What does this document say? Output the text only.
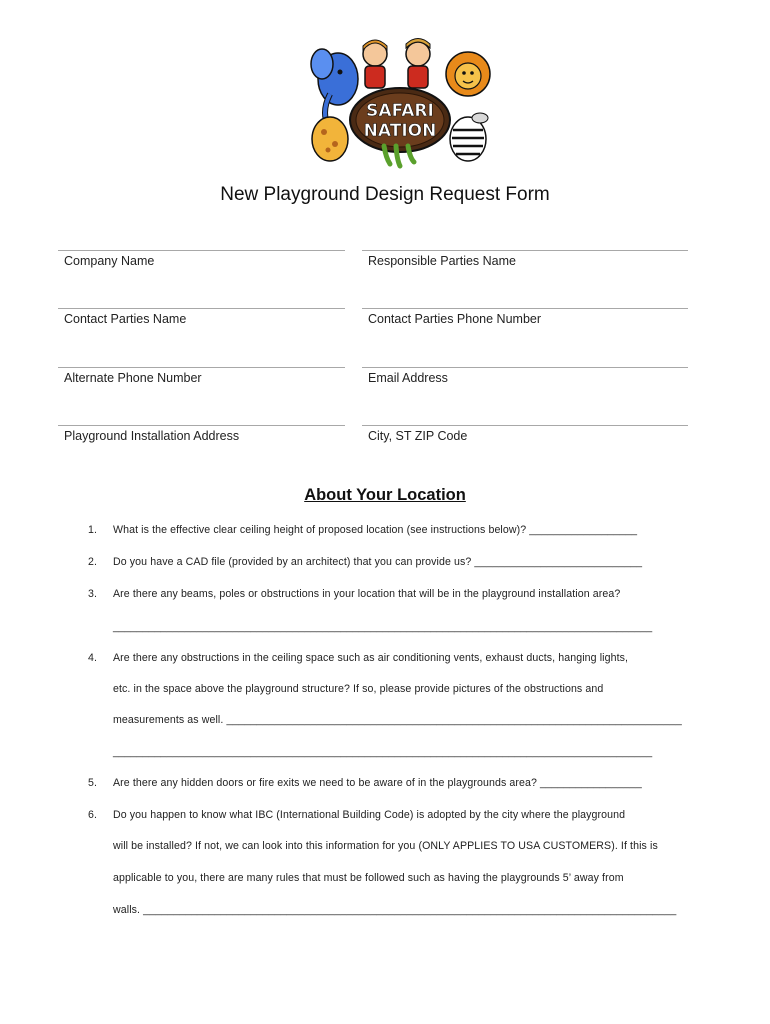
SAFARI
NATION
New Playground Design Request Form
Company Name	Responsible Parties Name
Contact Parties Name	Contact Parties Phone Number
Alternate Phone Number	Email Address
Playground Installation Address	City, ST ZIP Code
About Your Location
1. What is the effective clear ceiling height of proposed location (see instructions below)? __________________
2. Do you have a CAD file (provided by an architect) that you can provide us? ____________________________
3. Are there any beams, poles or obstructions in your location that will be in the playground installation area?
__________________________________________________________________________________________
4. Are there any obstructions in the ceiling space such as air conditioning vents, exhaust ducts, hanging lights,
etc. in the space above the playground structure? If so, please provide pictures of the obstructions and
measurements as well. ____________________________________________________________________________
__________________________________________________________________________________________
5. Are there any hidden doors or fire exits we need to be aware of in the playgrounds area? _________________
6. Do you happen to know what IBC (International Building Code) is adopted by the city where the playground
will be installed? If not, we can look into this information for you (ONLY APPLIES TO USA CUSTOMERS). If this is
applicable to you, there are many rules that must be followed such as having the playgrounds 5’ away from
walls. _________________________________________________________________________________________
